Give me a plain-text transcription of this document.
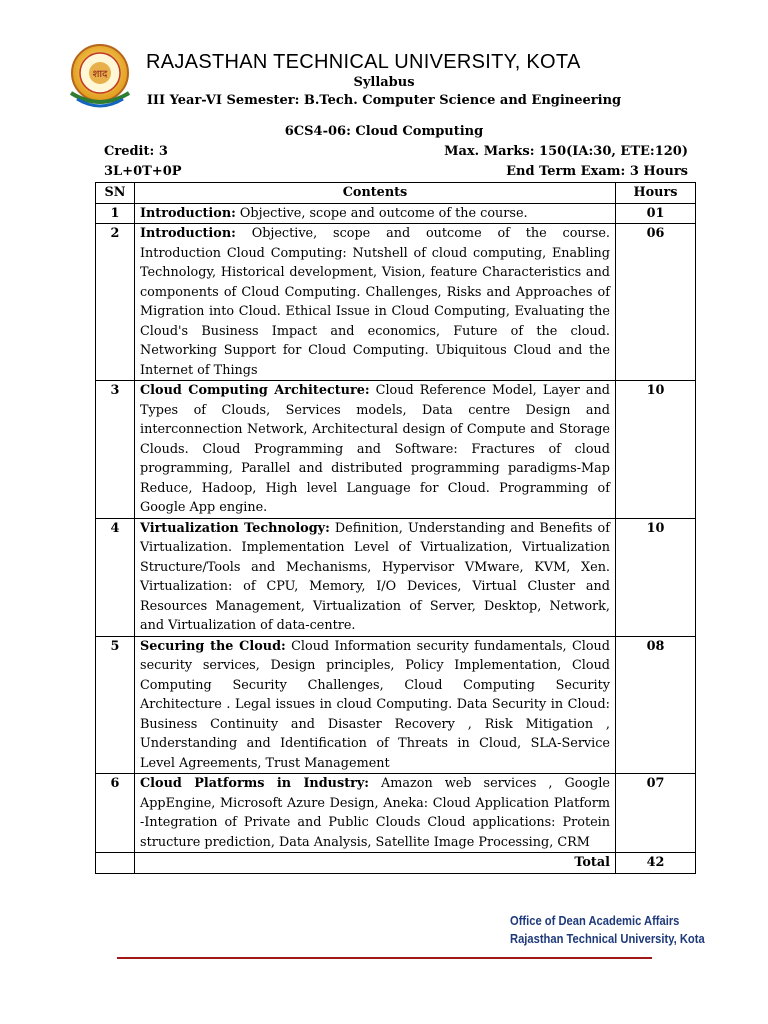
शाद
RAJASTHAN TECHNICAL UNIVERSITY, KOTA
Syllabus
III Year-VI Semester: B.Tech. Computer Science and Engineering
6CS4-06: Cloud Computing
Credit: 3	Max. Marks: 150(IA:30, ETE:120)
3L+0T+0P	End Term Exam: 3 Hours
SN	Contents	Hours
1	Introduction: Objective, scope and outcome of the course.	01
2	Introduction: Objective, scope and outcome of the course. Introduction Cloud Computing: Nutshell of cloud computing, Enabling Technology, Historical development, Vision, feature Characteristics and components of Cloud Computing. Challenges, Risks and Approaches of Migration into Cloud. Ethical Issue in Cloud Computing, Evaluating the Cloud's Business Impact and economics, Future of the cloud. Networking Support for Cloud Computing. Ubiquitous Cloud and the Internet of Things	06
3	Cloud Computing Architecture: Cloud Reference Model, Layer and Types of Clouds, Services models, Data centre Design and interconnection Network, Architectural design of Compute and Storage Clouds. Cloud Programming and Software: Fractures of cloud programming, Parallel and distributed programming paradigms-Map Reduce, Hadoop, High level Language for Cloud. Programming of Google App engine.	10
4	Virtualization Technology: Definition, Understanding and Benefits of Virtualization. Implementation Level of Virtualization, Virtualization Structure/Tools and Mechanisms, Hypervisor VMware, KVM, Xen. Virtualization: of CPU, Memory, I/O Devices, Virtual Cluster and Resources Management, Virtualization of Server, Desktop, Network, and Virtualization of data-centre.	10
5	Securing the Cloud: Cloud Information security fundamentals, Cloud security services, Design principles, Policy Implementation, Cloud Computing Security Challenges, Cloud Computing Security Architecture . Legal issues in cloud Computing. Data Security in Cloud: Business Continuity and Disaster Recovery , Risk Mitigation , Understanding and Identification of Threats in Cloud, SLA-Service Level Agreements, Trust Management	08
6	Cloud Platforms in Industry: Amazon web services , Google AppEngine, Microsoft Azure Design, Aneka: Cloud Application Platform -Integration of Private and Public Clouds Cloud applications: Protein structure prediction, Data Analysis, Satellite Image Processing, CRM	07
	Total	42
Office of Dean Academic Affairs
Rajasthan Technical University, Kota
